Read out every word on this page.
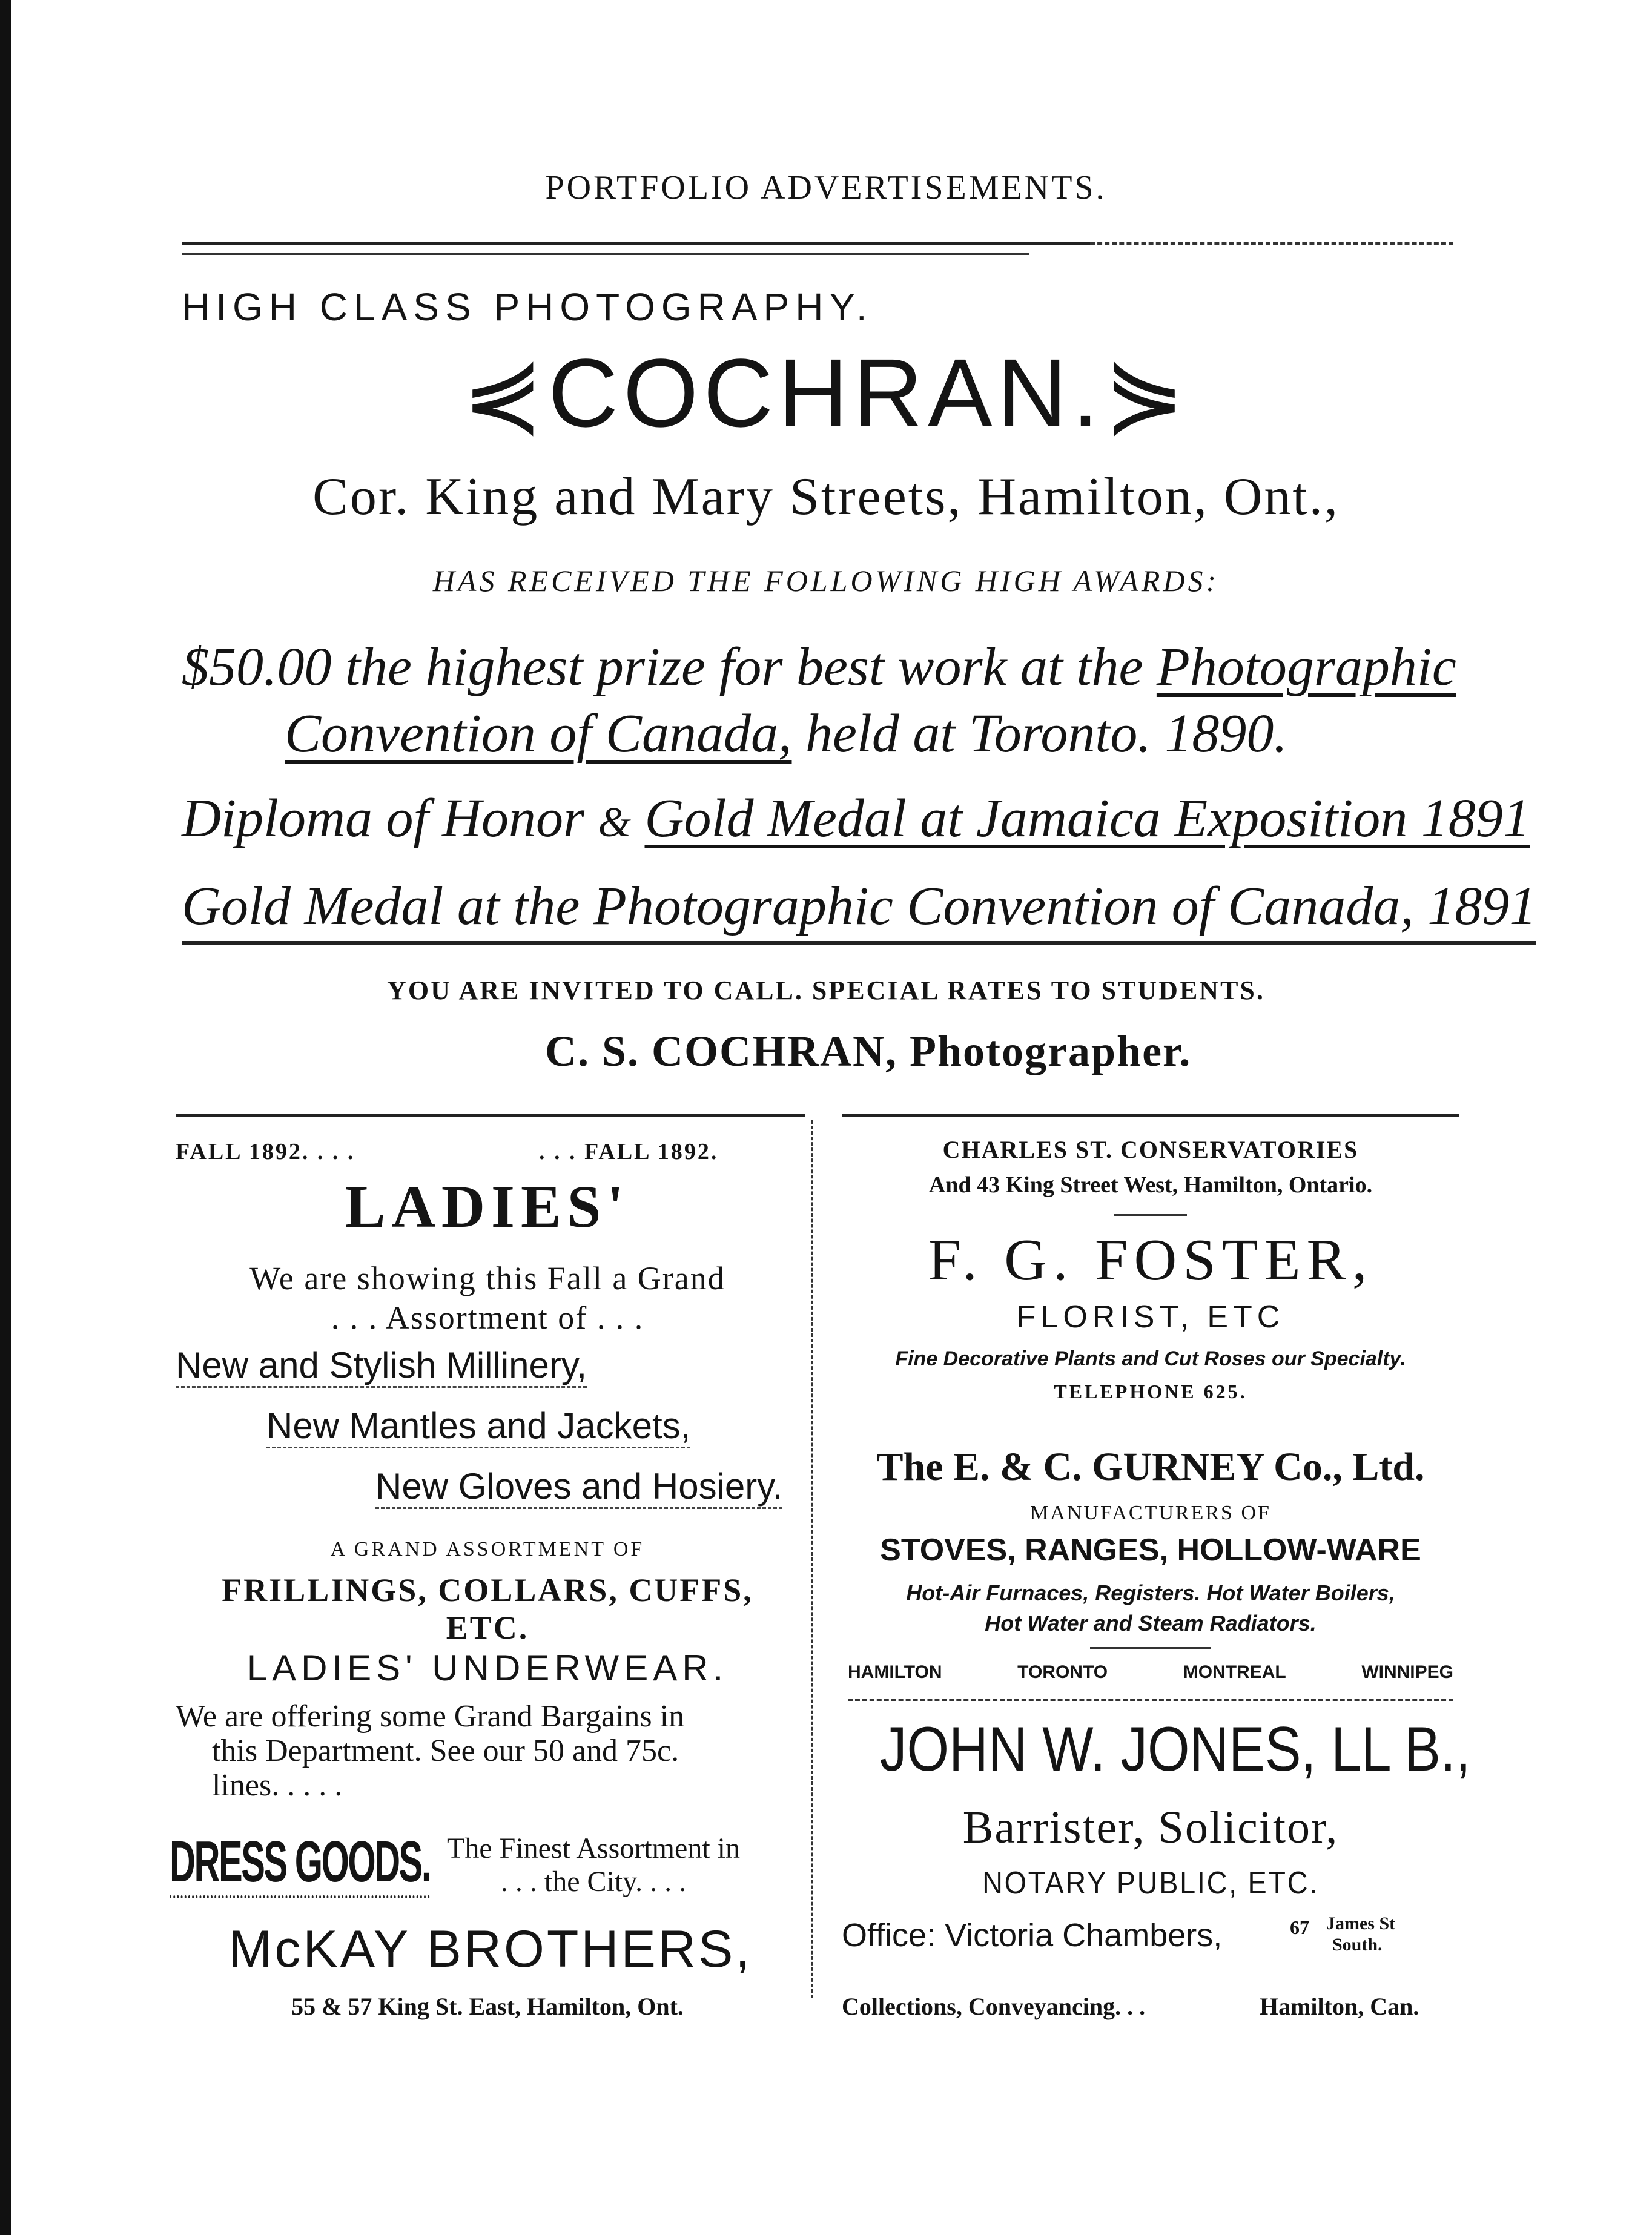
PORTFOLIO ADVERTISEMENTS.
HIGH CLASS PHOTOGRAPHY.
⋞COCHRAN.⋟
Cor. King and Mary Streets, Hamilton, Ont.,
HAS RECEIVED THE FOLLOWING HIGH AWARDS:
$50.00 the highest prize for best work at the Photographic
Convention of Canada, held at Toronto. 1890.
Diploma of Honor & Gold Medal at Jamaica Exposition 1891
Gold Medal at the Photographic Convention of Canada, 1891
YOU ARE INVITED TO CALL. SPECIAL RATES TO STUDENTS.
C. S. COCHRAN, Photographer.
FALL 1892. . . .	. . . FALL 1892.
LADIES'
We are showing this Fall a Grand
. . . Assortment of . . .
New and Stylish Millinery,
New Mantles and Jackets,
New Gloves and Hosiery.
A GRAND ASSORTMENT OF
FRILLINGS, COLLARS, CUFFS, ETC.
LADIES' UNDERWEAR.
We are offering some Grand Bargains in
this Department. See our 50 and 75c.
lines. . . . .
DRESS GOODS. The Finest Assortment in
. . . the City. . . .
McKAY BROTHERS,
55 & 57 King St. East, Hamilton, Ont.
CHARLES ST. CONSERVATORIES
And 43 King Street West, Hamilton, Ontario.
F. G. FOSTER,
FLORIST, ETC
Fine Decorative Plants and Cut Roses our Specialty.
TELEPHONE 625.
The E. & C. GURNEY Co., Ltd.
MANUFACTURERS OF
STOVES, RANGES, HOLLOW-WARE
Hot-Air Furnaces, Registers. Hot Water Boilers,
Hot Water and Steam Radiators.
HAMILTON	TORONTO	MONTREAL	WINNIPEG
JOHN W. JONES, LL B.,
Barrister, Solicitor,
NOTARY PUBLIC, ETC.
Office: Victoria Chambers,	67 James St
South.
Collections, Conveyancing. . .	Hamilton, Can.
